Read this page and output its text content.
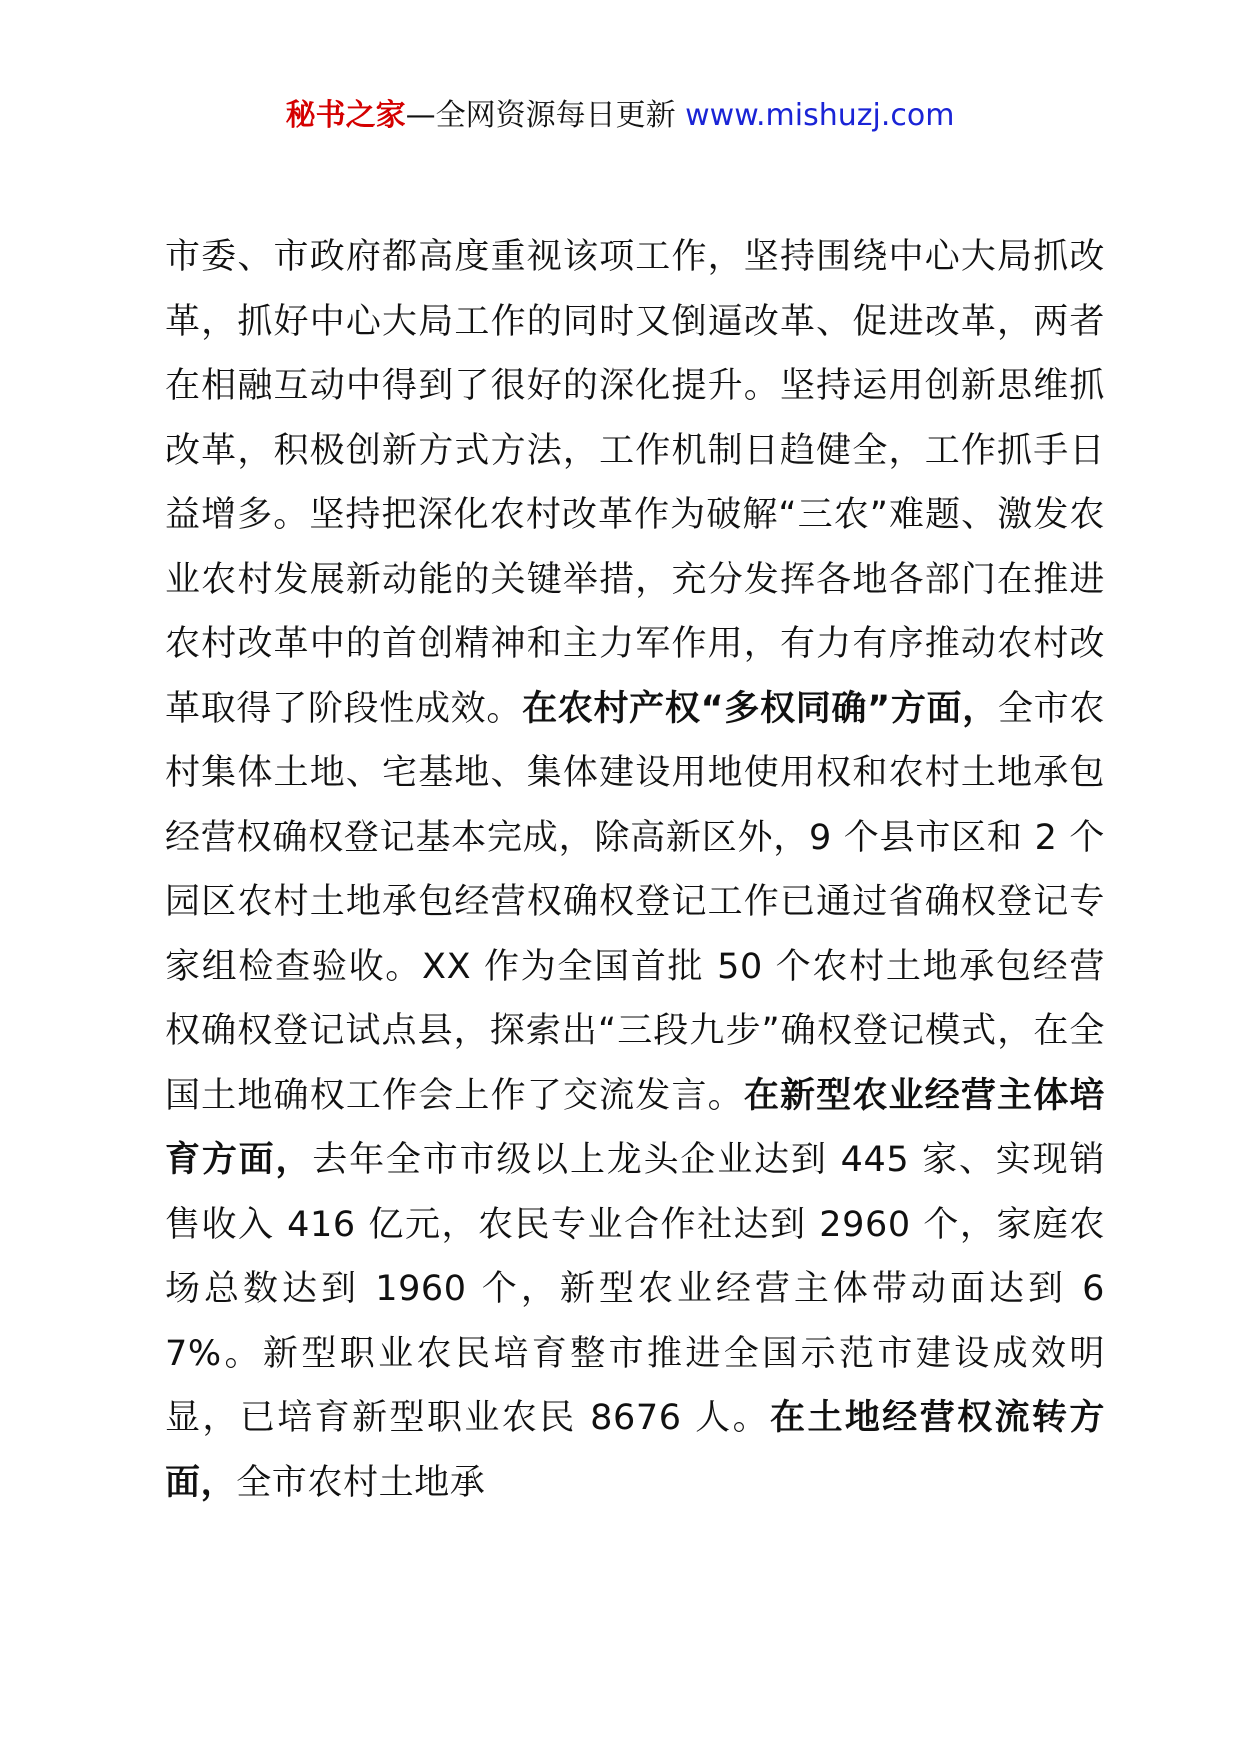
秘书之家—全网资源每日更新 www.mishuzj.com

市委、市政府都高度重视该项工作，坚持围绕中心大局抓改革，抓好中心大局工作的同时又倒逼改革、促进改革，两者在相融互动中得到了很好的深化提升。坚持运用创新思维抓改革，积极创新方式方法，工作机制日趋健全，工作抓手日益增多。坚持把深化农村改革作为破解“三农”难题、激发农业农村发展新动能的关键举措，充分发挥各地各部门在推进农村改革中的首创精神和主力军作用，有力有序推动农村改革取得了阶段性成效。在农村产权“多权同确”方面，全市农村集体土地、宅基地、集体建设用地使用权和农村土地承包经营权确权登记基本完成，除高新区外，9 个县市区和 2 个园区农村土地承包经营权确权登记工作已通过省确权登记专家组检查验收。XX 作为全国首批 50 个农村土地承包经营权确权登记试点县，探索出“三段九步”确权登记模式，在全国土地确权工作会上作了交流发言。在新型农业经营主体培育方面，去年全市市级以上龙头企业达到 445 家、实现销售收入 416 亿元，农民专业合作社达到 2960 个，家庭农场总数达到 1960 个，新型农业经营主体带动面达到 67%。新型职业农民培育整市推进全国示范市建设成效明显，已培育新型职业农民 8676 人。在土地经营权流转方面，全市农村土地承
